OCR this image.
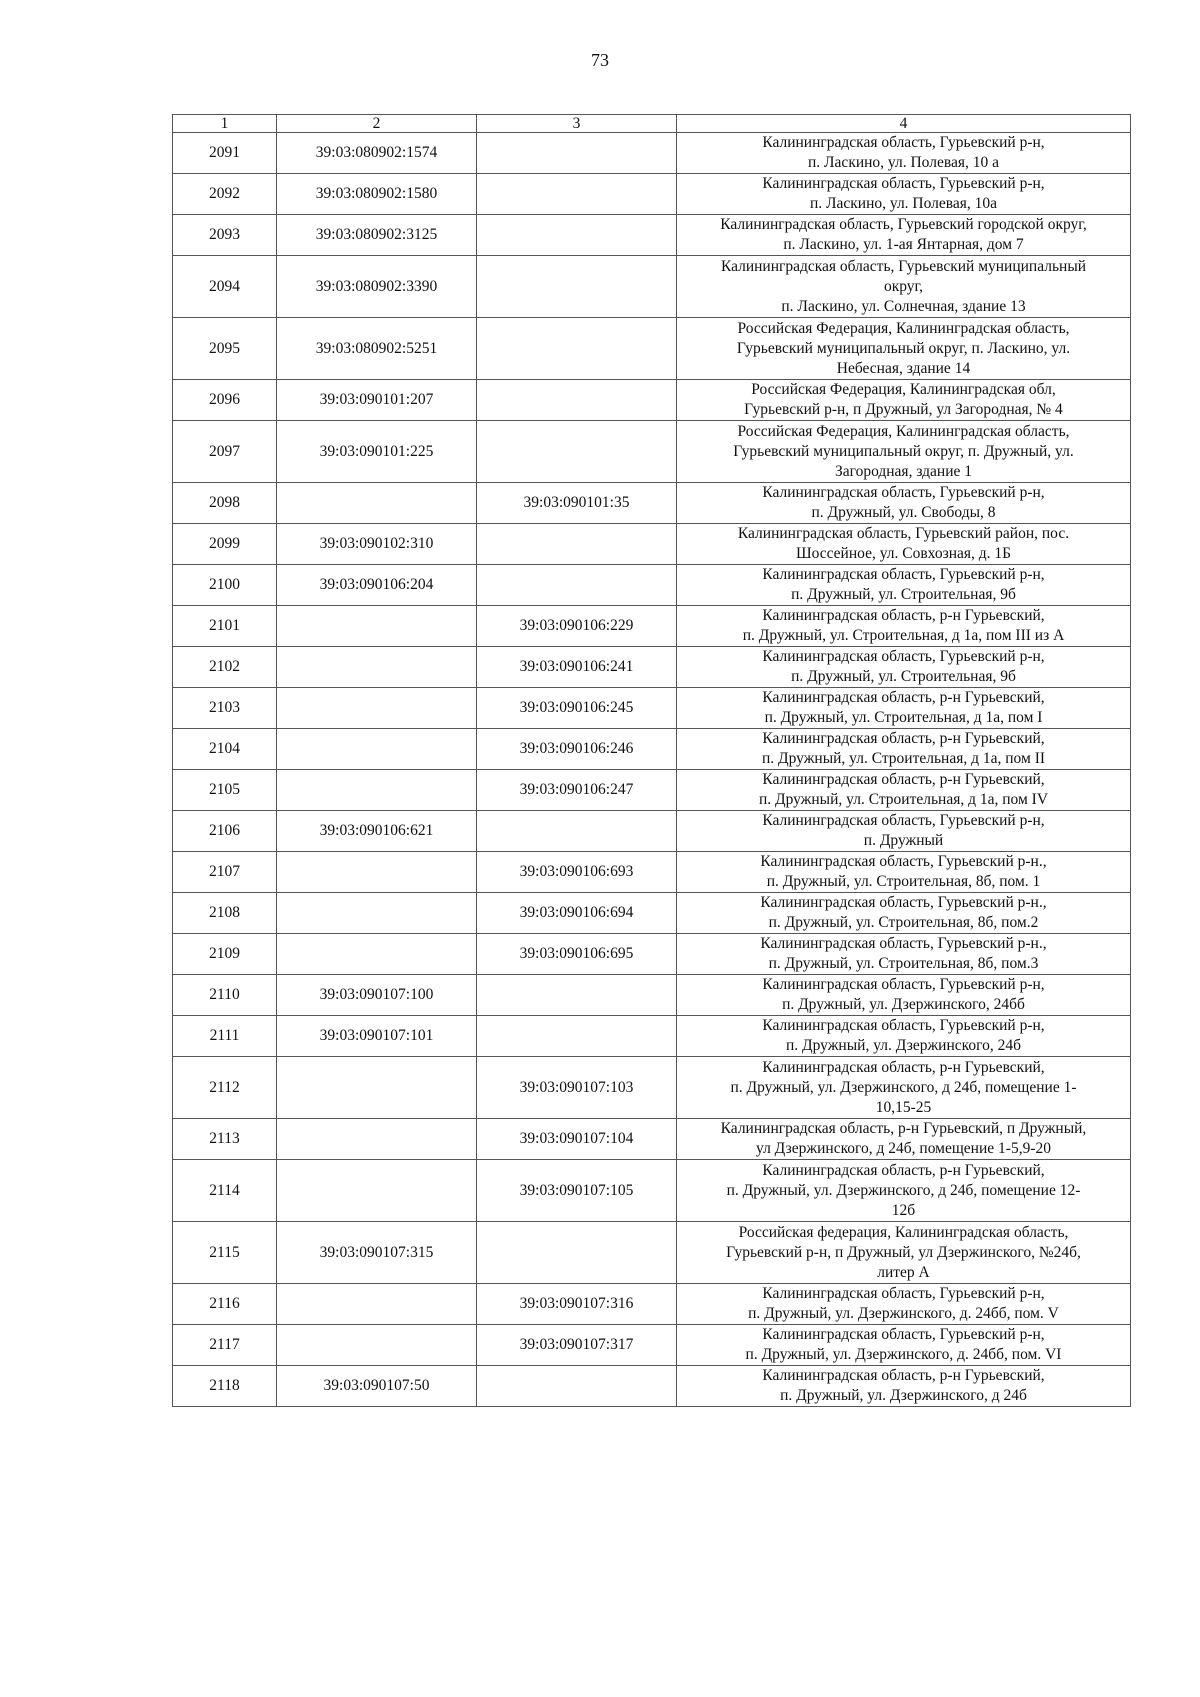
73
1	2	3	4
2091	39:03:080902:1574		Калининградская область, Гурьевский р-н,
п. Ласкино, ул. Полевая, 10 а
2092	39:03:080902:1580		Калининградская область, Гурьевский р-н,
п. Ласкино, ул. Полевая, 10а
2093	39:03:080902:3125		Калининградская область, Гурьевский городской округ,
п. Ласкино, ул. 1-ая Янтарная, дом 7
2094	39:03:080902:3390		Калининградская область, Гурьевский муниципальный
округ,
п. Ласкино, ул. Солнечная, здание 13
2095	39:03:080902:5251		Российская Федерация, Калининградская область,
Гурьевский муниципальный округ, п. Ласкино, ул.
Небесная, здание 14
2096	39:03:090101:207		Российская Федерация, Калининградская обл,
Гурьевский р-н, п Дружный, ул Загородная, № 4
2097	39:03:090101:225		Российская Федерация, Калининградская область,
Гурьевский муниципальный округ, п. Дружный, ул.
Загородная, здание 1
2098		39:03:090101:35	Калининградская область, Гурьевский р-н,
п. Дружный, ул. Свободы, 8
2099	39:03:090102:310		Калининградская область, Гурьевский район, пос.
Шоссейное, ул. Совхозная, д. 1Б
2100	39:03:090106:204		Калининградская область, Гурьевский р-н,
п. Дружный, ул. Строительная, 9б
2101		39:03:090106:229	Калининградская область, р-н Гурьевский,
п. Дружный, ул. Строительная, д 1а, пом III из А
2102		39:03:090106:241	Калининградская область, Гурьевский р-н,
п. Дружный, ул. Строительная, 9б
2103		39:03:090106:245	Калининградская область, р-н Гурьевский,
п. Дружный, ул. Строительная, д 1а, пом I
2104		39:03:090106:246	Калининградская область, р-н Гурьевский,
п. Дружный, ул. Строительная, д 1а, пом II
2105		39:03:090106:247	Калининградская область, р-н Гурьевский,
п. Дружный, ул. Строительная, д 1а, пом IV
2106	39:03:090106:621		Калининградская область, Гурьевский р-н,
п. Дружный
2107		39:03:090106:693	Калининградская область, Гурьевский р-н.,
п. Дружный, ул. Строительная, 8б, пом. 1
2108		39:03:090106:694	Калининградская область, Гурьевский р-н.,
п. Дружный, ул. Строительная, 8б, пом.2
2109		39:03:090106:695	Калининградская область, Гурьевский р-н.,
п. Дружный, ул. Строительная, 8б, пом.3
2110	39:03:090107:100		Калининградская область, Гурьевский р-н,
п. Дружный, ул. Дзержинского, 24бб
2111	39:03:090107:101		Калининградская область, Гурьевский р-н,
п. Дружный, ул. Дзержинского, 24б
2112		39:03:090107:103	Калининградская область, р-н Гурьевский,
п. Дружный, ул. Дзержинского, д 24б, помещение 1-
10,15-25
2113		39:03:090107:104	Калининградская область, р-н Гурьевский, п Дружный,
ул Дзержинского, д 24б, помещение 1-5,9-20
2114		39:03:090107:105	Калининградская область, р-н Гурьевский,
п. Дружный, ул. Дзержинского, д 24б, помещение 12-
12б
2115	39:03:090107:315		Российская федерация, Калининградская область,
Гурьевский р-н, п Дружный, ул Дзержинского, №24б,
литер А
2116		39:03:090107:316	Калининградская область, Гурьевский р-н,
п. Дружный, ул. Дзержинского, д. 24бб, пом. V
2117		39:03:090107:317	Калининградская область, Гурьевский р-н,
п. Дружный, ул. Дзержинского, д. 24бб, пом. VI
2118	39:03:090107:50		Калининградская область, р-н Гурьевский,
п. Дружный, ул. Дзержинского, д 24б
